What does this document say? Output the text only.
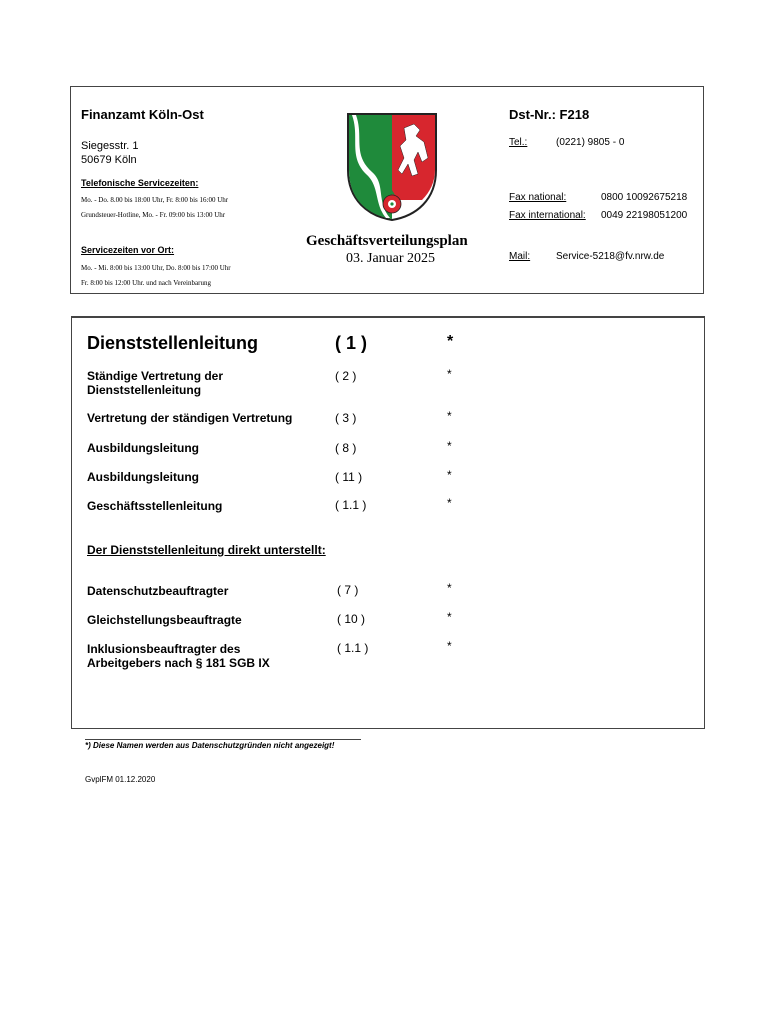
Finanzamt Köln-Ost	Dst-Nr.: F218
Siegesstr. 1
50679 Köln
Tel.:	(0221) 9805 - 0
Telefonische Servicezeiten:
Mo. - Do. 8.00 bis 18:00 Uhr, Fr. 8:00 bis 16:00 Uhr
Grundsteuer-Hotline, Mo. - Fr. 09:00 bis 13:00 Uhr
Fax national:	0800 10092675218
Fax international: 0049 22198051200
Servicezeiten vor Ort:
Mo. - Mi. 8:00 bis 13:00 Uhr, Do. 8:00 bis 17:00 Uhr
Fr. 8:00 bis 12:00 Uhr. und nach Vereinbarung
Geschäftsverteilungsplan
03. Januar 2025	Mail:	Service-5218@fv.nrw.de
Dienststellenleitung	( 1 )	*
Ständige Vertretung der
Dienststellenleitung
( 2 )	*
Vertretung der ständigen Vertretung	( 3 )	*
Ausbildungsleitung	( 8 )	*
Ausbildungsleitung	( 11 )	*
Geschäftsstellenleitung	( 1.1 )	*
Der Dienststellenleitung direkt unterstellt:
Datenschutzbeauftragter	( 7 )	*
Gleichstellungsbeauftragte	( 10 )	*
Inklusionsbeauftragter des
Arbeitgebers nach § 181 SGB IX
( 1.1 )	*
*) Diese Namen werden aus Datenschutzgründen nicht angezeigt!
GvplFM 01.12.2020
